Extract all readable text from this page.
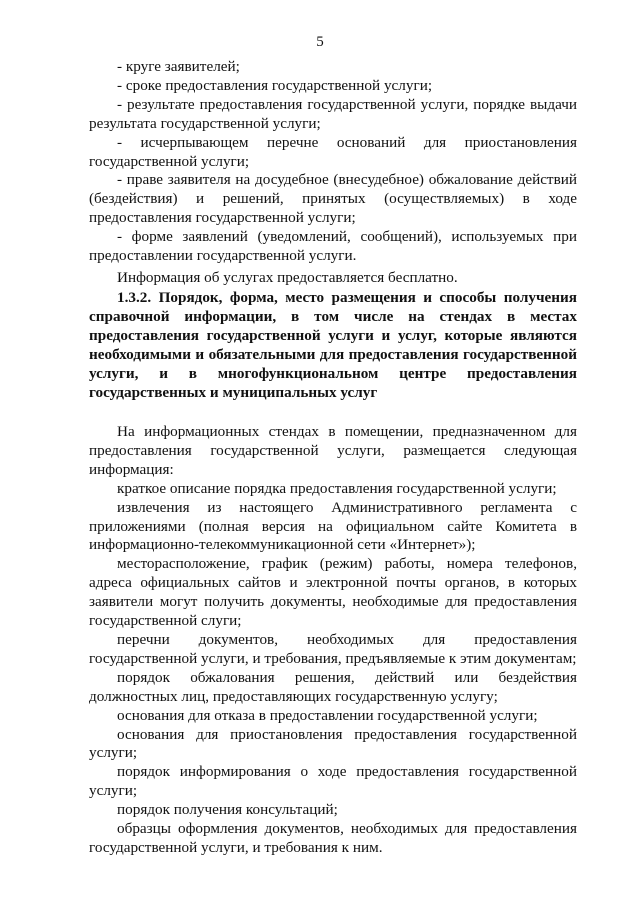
5

- круге заявителей;

- сроке предоставления государственной услуги;

- результате предоставления государственной услуги, порядке выдачи результата государственной услуги;

- исчерпывающем перечне оснований для приостановления государственной услуги;

- праве заявителя на досудебное (внесудебное) обжалование действий (бездействия) и решений, принятых (осуществляемых) в ходе предоставления государственной услуги;

- форме заявлений (уведомлений, сообщений), используемых при предоставлении государственной услуги.

Информация об услугах предоставляется бесплатно.

1.3.2. Порядок, форма, место размещения и способы получения справочной информации, в том числе на стендах в местах предоставления государственной услуги и услуг, которые являются необходимыми и обязательными для предоставления государственной услуги, и в многофункциональном центре предоставления государственных и муниципальных услуг

На информационных стендах в помещении, предназначенном для предоставления государственной услуги, размещается следующая информация:

краткое описание порядка предоставления государственной услуги;

извлечения из настоящего Административного регламента с приложениями (полная версия на официальном сайте Комитета в информационно-телекоммуникационной сети «Интернет»);

месторасположение, график (режим) работы, номера телефонов, адреса официальных сайтов и электронной почты органов, в которых заявители могут получить документы, необходимые для предоставления государственной слуги;

перечни документов, необходимых для предоставления государственной услуги, и требования, предъявляемые к этим документам;

порядок обжалования решения, действий или бездействия должностных лиц, предоставляющих государственную услугу;

основания для отказа в предоставлении государственной услуги;

основания для приостановления предоставления государственной услуги;

порядок информирования о ходе предоставления государственной услуги;

порядок получения консультаций;

образцы оформления документов, необходимых для предоставления государственной услуги, и требования к ним.
